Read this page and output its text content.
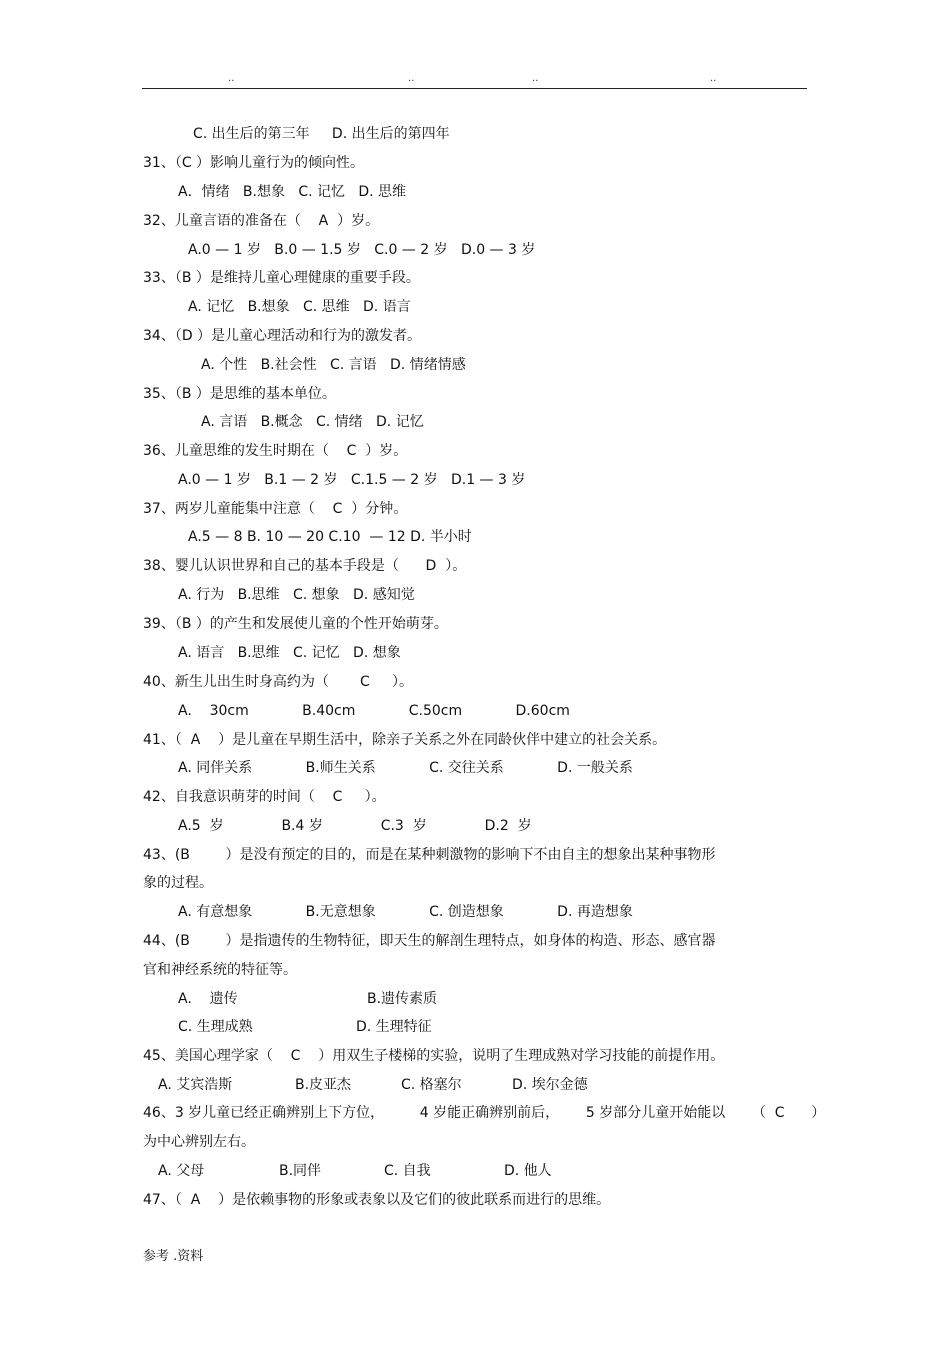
..	..	..	..
C. 出生后的第三年     D. 出生后的第四年
31、（C ）影响儿童行为的倾向性。
A．情绪   B.想象   C. 记忆   D. 思维
32、儿童言语的准备在（    A  ）岁。
A.0 — 1 岁   B.0 — 1.5 岁   C.0 — 2 岁   D.0 — 3 岁
33、（B ）是维持儿童心理健康的重要手段。
A. 记忆   B.想象   C. 思维   D. 语言
34、（D ）是儿童心理活动和行为的激发者。
A. 个性   B.社会性   C. 言语   D. 情绪情感
35、（B ）是思维的基本单位。
A. 言语   B.概念   C. 情绪   D. 记忆
36、儿童思维的发生时期在（    C  ）岁。
A.0 — 1 岁   B.1 — 2 岁   C.1.5 — 2 岁   D.1 — 3 岁
37、两岁儿童能集中注意（    C  ）分钟。
A.5 — 8 B. 10 — 20 C.10  — 12 D. 半小时
38、婴儿认识世界和自己的基本手段是（      D  ）。
A. 行为   B.思维   C. 想象   D. 感知觉
39、（B ）的产生和发展使儿童的个性开始萌芽。
A. 语言   B.思维   C. 记忆   D. 想象
40、新生儿出生时身高约为（       C     ）。
A.    30cm            B.40cm            C.50cm            D.60cm
41、（  A    ）是儿童在早期生活中，除亲子关系之外在同龄伙伴中建立的社会关系。
A. 同伴关系            B.师生关系            C. 交往关系            D. 一般关系
42、自我意识萌芽的时间（    C     ）。
A.5  岁             B.4 岁             C.3  岁             D.2  岁
43、(B        ）是没有预定的目的，而是在某种刺激物的影响下不由自主的想象出某种事物形
象的过程。
A. 有意想象            B.无意想象            C. 创造想象            D. 再造想象
44、(B        ）是指遗传的生物特征，即天生的解剖生理特点，如身体的构造、形态、感官器
官和神经系统的特征等。
A.    遗传	B.遗传素质
C. 生理成熟	D. 生理特征
45、美国心理学家（    C    ）用双生子楼梯的实验，说明了生理成熟对学习技能的前提作用。
A. 艾宾浩斯	B.皮亚杰	C. 格塞尔	D. 埃尔金德
46、3 岁儿童已经正确辨别上下方位，        4 岁能正确辨别前后，      5 岁部分儿童开始能以      （  C      ）
为中心辨别左右。
A. 父母	B.同伴	C. 自我	D. 他人
47、（  A    ）是依赖事物的形象或表象以及它们的彼此联系而进行的思维。
参考 .资料
